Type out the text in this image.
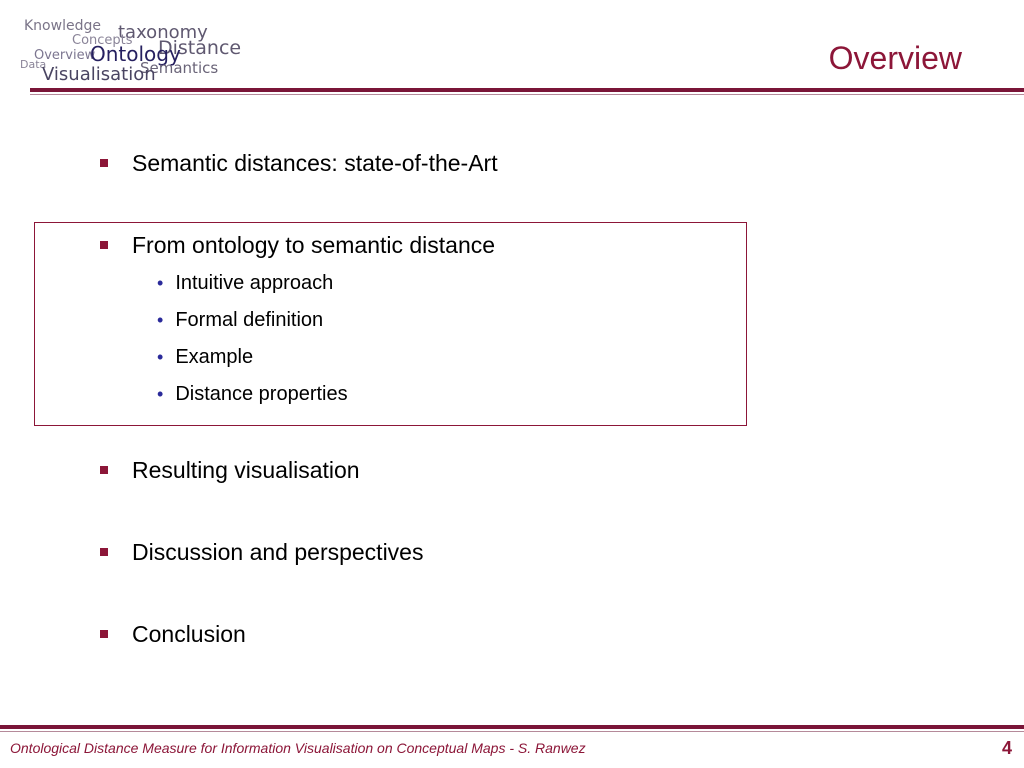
Knowledge taxonomy
Concepts
Overview	Distance
Ontology
Data	Semantics
Visualisation	Overview
Semantic distances: state-of-the-Art
From ontology to semantic distance
• Intuitive approach
• Formal definition
• Example
• Distance properties
Resulting visualisation
Discussion and perspectives
Conclusion
Ontological Distance Measure for Information Visualisation on Conceptual Maps - S. Ranwez	4
